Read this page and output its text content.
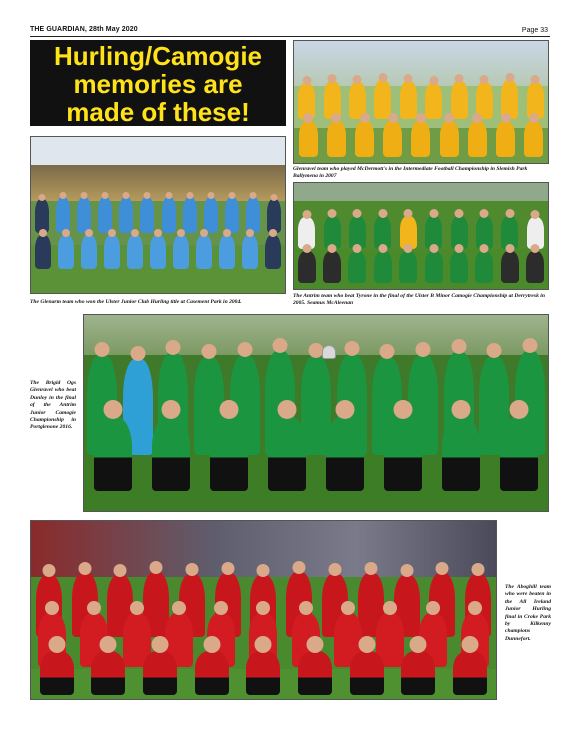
THE GUARDIAN, 28th May 2020	Page 33
Hurling/Camogie
memories are
made of these!
Glenravel team who played McDermott's in the Intermediate Football Championship in Slemish Park Ballymena in 2007
The Glenarm team who won the Ulster Junior Club Hurling title at Casement Park in 2004.
The Antrim team who beat Tyrone in the final of the Ulster B Minor Camogie Championship at Derrytresk in 2005. Seamus McAleenan
The Brigid Ogs Glenravel who beat Dunloy in the final of the Antrim Junior Camogie Championship in Portglenone 2016.
The Aboghill team who were beaten in the All Ireland Junior Hurling final in Croke Park by Kilkenny champions Dunnefort.
